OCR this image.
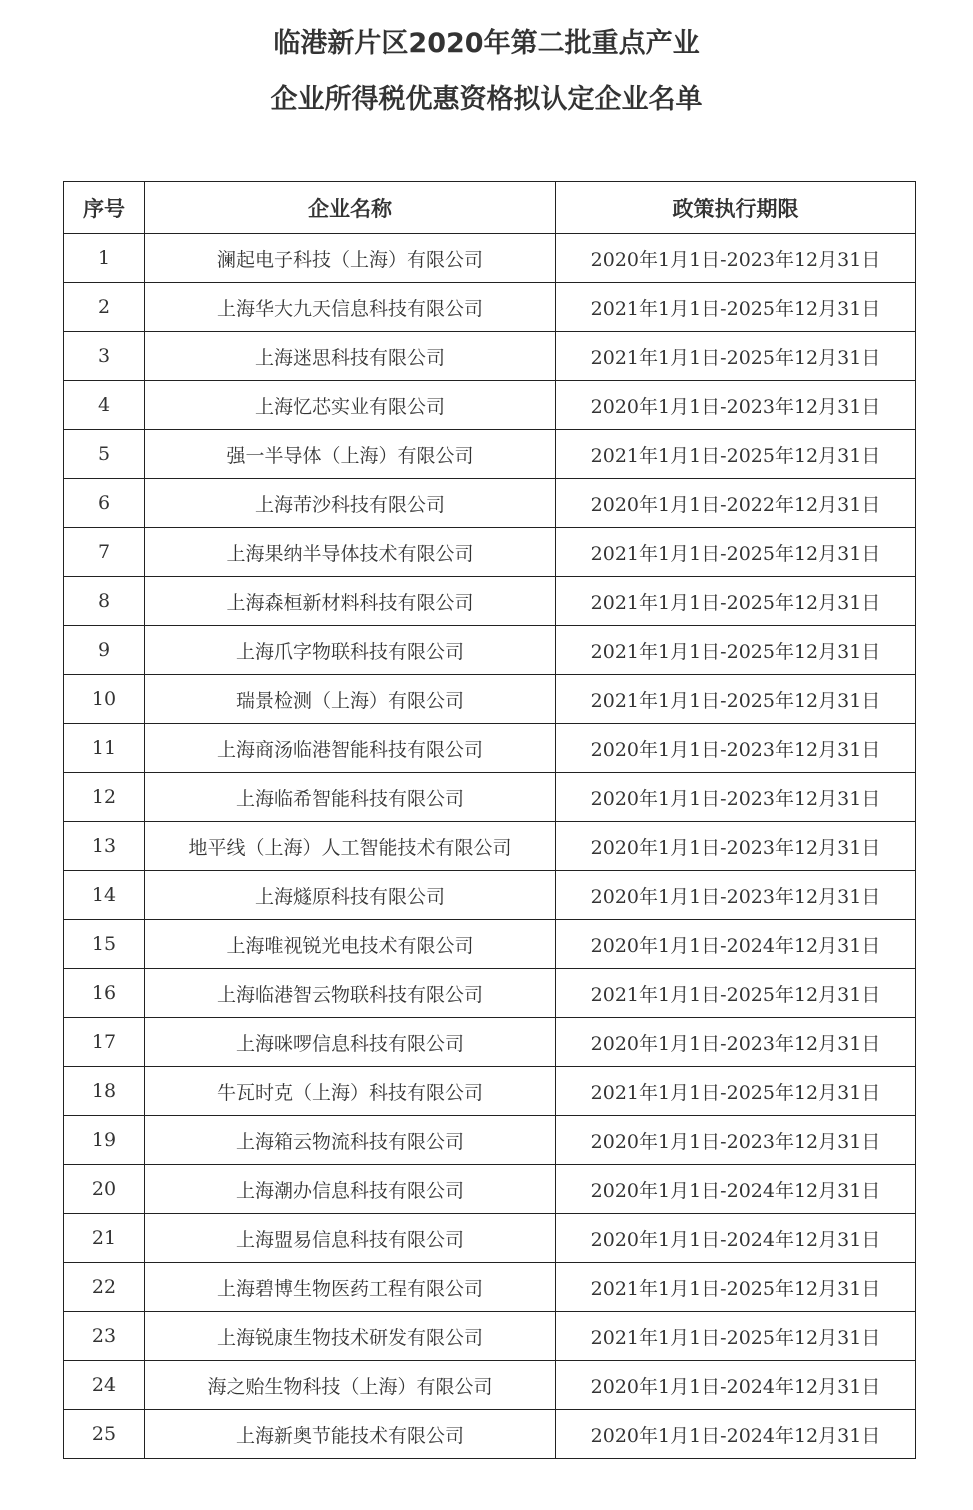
临港新片区2020年第二批重点产业
企业所得税优惠资格拟认定企业名单
序号	企业名称	政策执行期限
1	澜起电子科技（上海）有限公司	2020年1月1日-2023年12月31日
2	上海华大九天信息科技有限公司	2021年1月1日-2025年12月31日
3	上海迷思科技有限公司	2021年1月1日-2025年12月31日
4	上海忆芯实业有限公司	2020年1月1日-2023年12月31日
5	强一半导体（上海）有限公司	2021年1月1日-2025年12月31日
6	上海芾沙科技有限公司	2020年1月1日-2022年12月31日
7	上海果纳半导体技术有限公司	2021年1月1日-2025年12月31日
8	上海森桓新材料科技有限公司	2021年1月1日-2025年12月31日
9	上海爪字物联科技有限公司	2021年1月1日-2025年12月31日
10	瑞景检测（上海）有限公司	2021年1月1日-2025年12月31日
11	上海商汤临港智能科技有限公司	2020年1月1日-2023年12月31日
12	上海临希智能科技有限公司	2020年1月1日-2023年12月31日
13	地平线（上海）人工智能技术有限公司	2020年1月1日-2023年12月31日
14	上海燧原科技有限公司	2020年1月1日-2023年12月31日
15	上海唯视锐光电技术有限公司	2020年1月1日-2024年12月31日
16	上海临港智云物联科技有限公司	2021年1月1日-2025年12月31日
17	上海咪啰信息科技有限公司	2020年1月1日-2023年12月31日
18	牛瓦时克（上海）科技有限公司	2021年1月1日-2025年12月31日
19	上海箱云物流科技有限公司	2020年1月1日-2023年12月31日
20	上海潮办信息科技有限公司	2020年1月1日-2024年12月31日
21	上海盟易信息科技有限公司	2020年1月1日-2024年12月31日
22	上海碧博生物医药工程有限公司	2021年1月1日-2025年12月31日
23	上海锐康生物技术研发有限公司	2021年1月1日-2025年12月31日
24	海之贻生物科技（上海）有限公司	2020年1月1日-2024年12月31日
25	上海新奥节能技术有限公司	2020年1月1日-2024年12月31日
